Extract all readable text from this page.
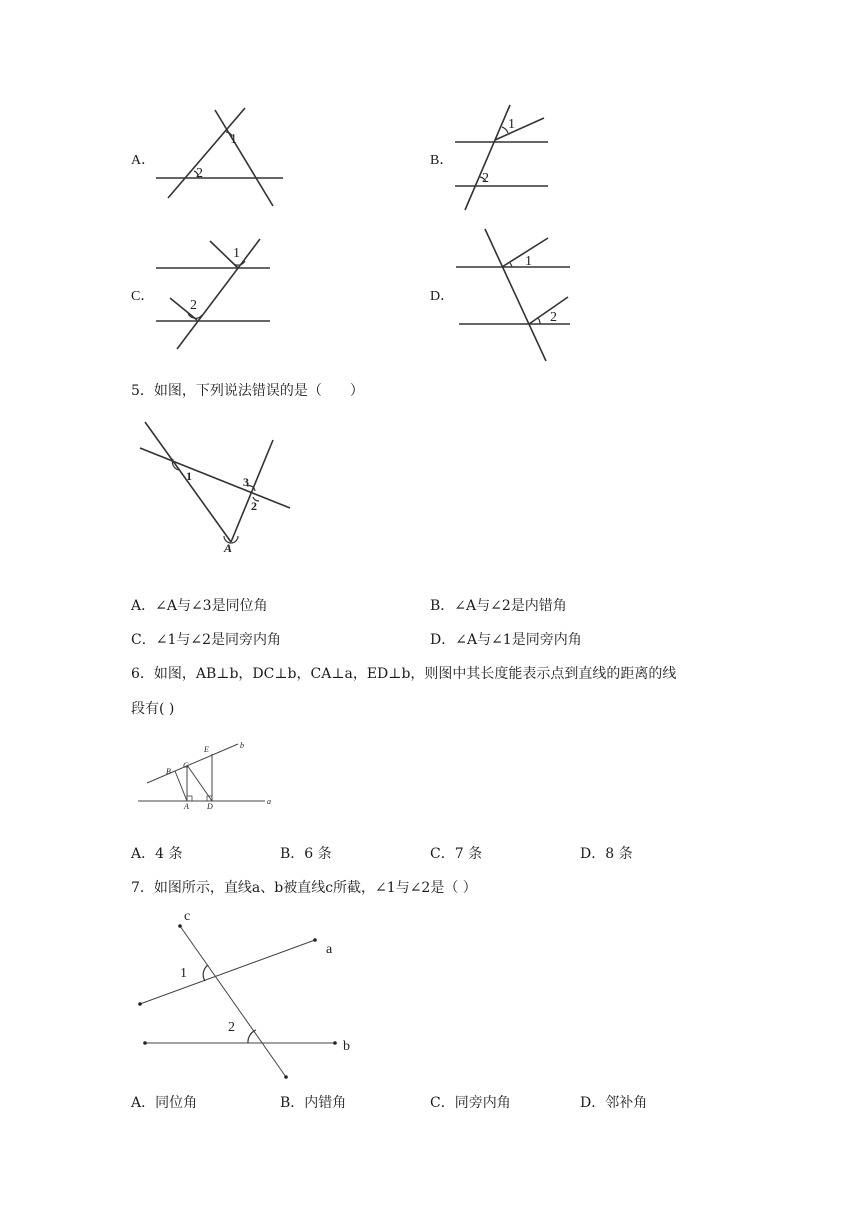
A．
1
2
B．
1
2
C．
1
2
D．
1
2
5．如图，下列说法错误的是（　　）
1	3
2
A
A．∠A与∠3是同位角	B．∠A与∠2是内错角
C．∠1与∠2是同旁内角	D．∠A与∠1是同旁内角
6．如图，AB⊥b，DC⊥b，CA⊥a，ED⊥b，则图中其长度能表示点到直线的距离的线
段有( )
B
C
E	b
A D
a
A．4 条	B．6 条	C．7 条	D．8 条
7．如图所示，直线a、b被直线c所截，∠1与∠2是（ ）
c
a
b
1
2
A．同位角	B．内错角	C．同旁内角	D．邻补角
